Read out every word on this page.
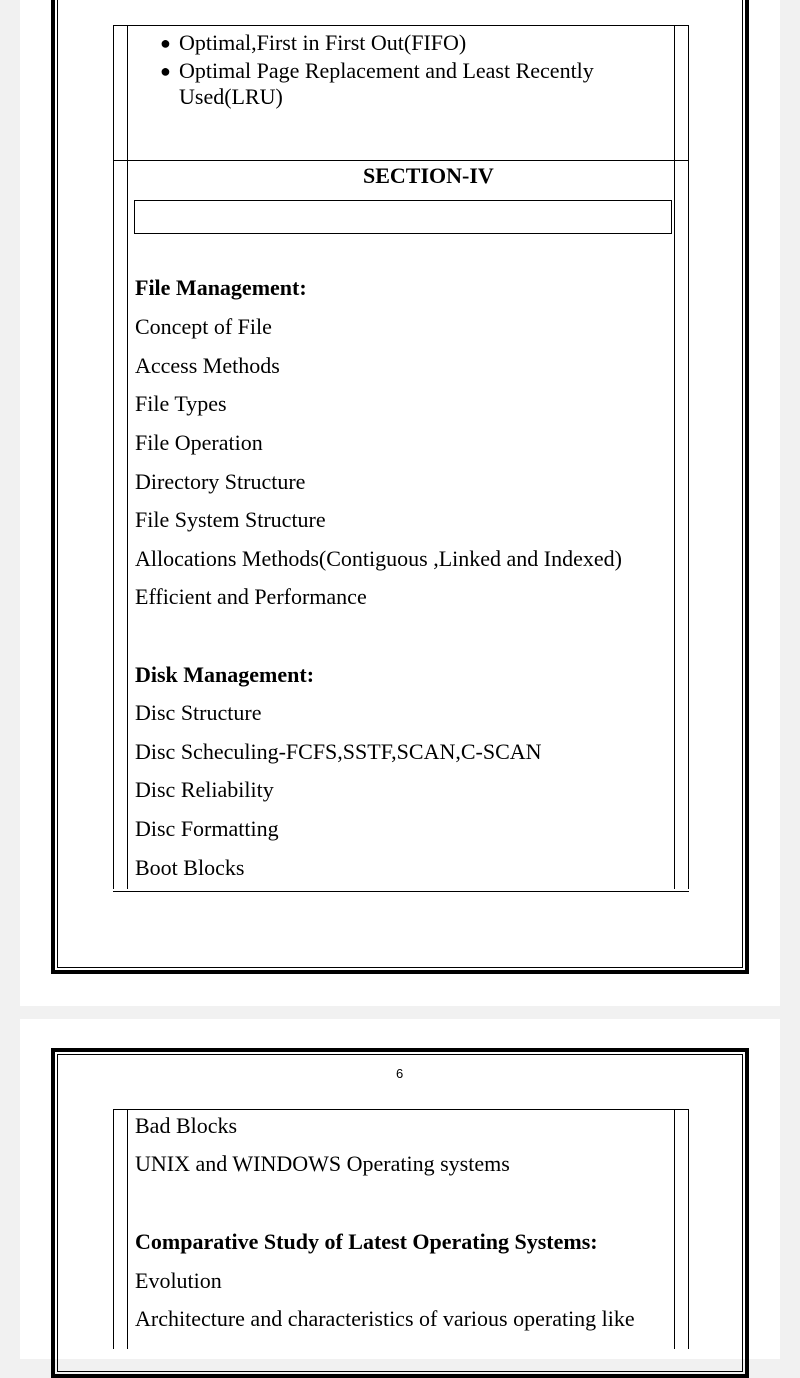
● Optimal,First in First Out(FIFO)
● Optimal Page Replacement and Least Recently
Used(LRU)
SECTION-IV
File Management:
Concept of File
Access Methods
File Types
File Operation
Directory Structure
File System Structure
Allocations Methods(Contiguous ,Linked and Indexed)
Efficient and Performance
Disk Management:
Disc Structure
Disc Scheculing-FCFS,SSTF,SCAN,C-SCAN
Disc Reliability
Disc Formatting
Boot Blocks
6
Bad Blocks
UNIX and WINDOWS Operating systems
Comparative Study of Latest Operating Systems:
Evolution
Architecture and characteristics of various operating like
